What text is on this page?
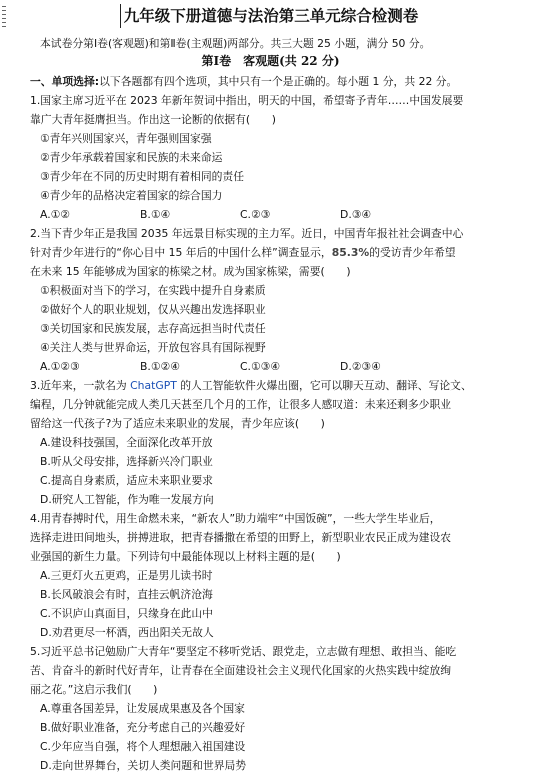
九年级下册道德与法治第三单元综合检测卷
本试卷分第Ⅰ卷(客观题)和第Ⅱ卷(主观题)两部分。共三大题 25 小题，满分 50 分。
第Ⅰ卷　客观题(共 22 分)
一、单项选择:以下各题都有四个选项，其中只有一个是正确的。每小题 1 分，共 22 分。
1.国家主席习近平在 2023 年新年贺词中指出，明天的中国，希望寄予青年……中国发展要
靠广大青年挺膺担当。作出这一论断的依据有(　　)
①青年兴则国家兴，青年强则国家强
②青少年承载着国家和民族的未来命运
③青少年在不同的历史时期有着相同的责任
④青少年的品格决定着国家的综合国力
A.①②	B.①④	C.②③	D.③④
2.当下青少年正是我国 2035 年远景目标实现的主力军。近日，中国青年报社社会调查中心
针对青少年进行的“你心目中 15 年后的中国什么样”调查显示，85.3%的受访青少年希望
在未来 15 年能够成为国家的栋梁之材。成为国家栋梁，需要(　　)
①积极面对当下的学习，在实践中提升自身素质
②做好个人的职业规划，仅从兴趣出发选择职业
③关切国家和民族发展，志存高远担当时代责任
④关注人类与世界命运，开放包容具有国际视野
A.①②③	B.①②④	C.①③④	D.②③④
3.近年来，一款名为 ChatGPT 的人工智能软件火爆出圈，它可以聊天互动、翻译、写论文、
编程，几分钟就能完成人类几天甚至几个月的工作，让很多人感叹道：未来还剩多少职业
留给这一代孩子?为了适应未来职业的发展，青少年应该(　　)
A.建设科技强国，全面深化改革开放
B.听从父母安排，选择新兴冷门职业
C.提高自身素质，适应未来职业要求
D.研究人工智能，作为唯一发展方向
4.用青春搏时代，用生命燃未来，“新农人”助力端牢“中国饭碗”，一些大学生毕业后，
选择走进田间地头，拼搏进取，把青春播撒在希望的田野上，新型职业农民正成为建设农
业强国的新生力量。下列诗句中最能体现以上材料主题的是(　　)
A.三更灯火五更鸡，正是男儿读书时
B.长风破浪会有时，直挂云帆济沧海
C.不识庐山真面目，只缘身在此山中
D.劝君更尽一杯酒，西出阳关无故人
5.习近平总书记勉励广大青年“要坚定不移听党话、跟党走，立志做有理想、敢担当、能吃
苦、肯奋斗的新时代好青年，让青春在全面建设社会主义现代化国家的火热实践中绽放绚
丽之花。”这启示我们(　　)
A.尊重各国差异，让发展成果惠及各个国家
B.做好职业准备，充分考虑自己的兴趣爱好
C.少年应当自强，将个人理想融入祖国建设
D.走向世界舞台，关切人类问题和世界局势
